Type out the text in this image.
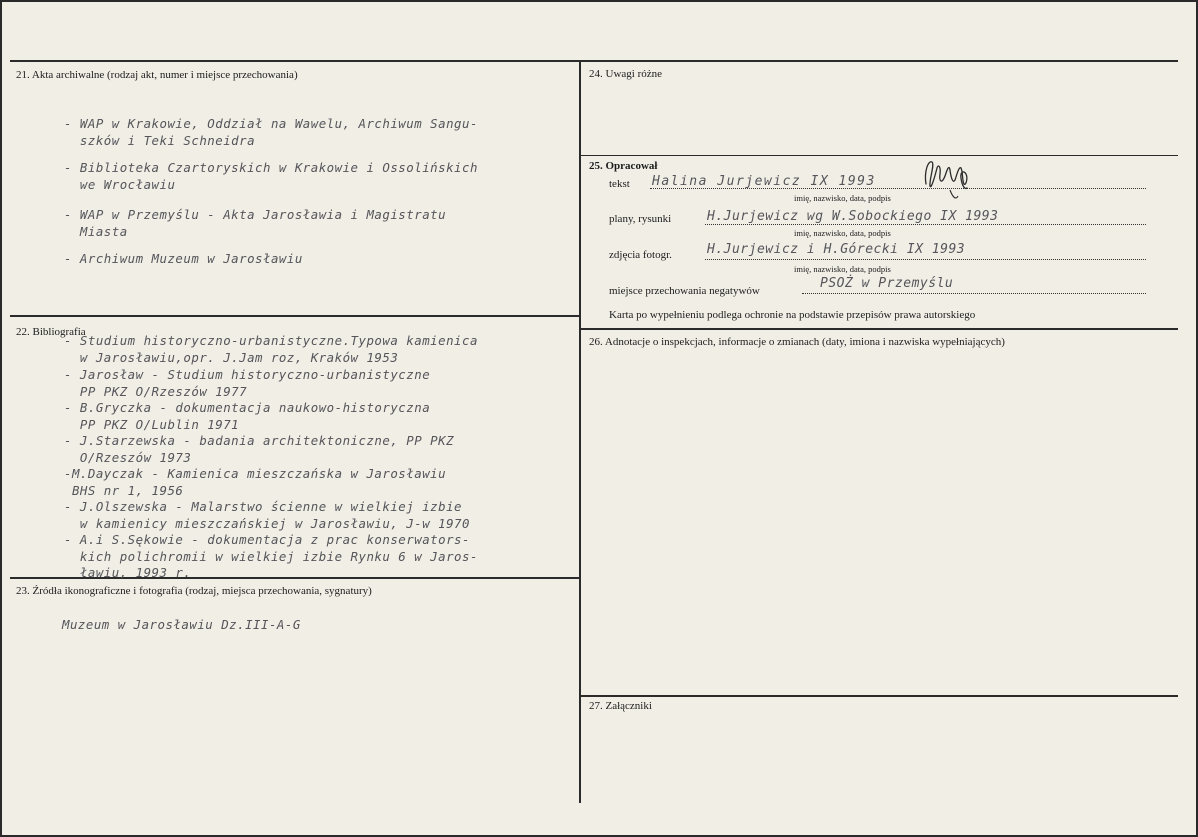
21. Akta archiwalne (rodzaj akt, numer i miejsce przechowania)
- WAP w Krakowie, Oddział na Wawelu, Archiwum Sangu-
szków i Teki Schneidra
- Biblioteka Czartoryskich w Krakowie i Ossolińskich
we Wrocławiu
- WAP w Przemyślu - Akta Jarosławia i Magistratu
Miasta
- Archiwum Muzeum w Jarosławiu
22. Bibliografia
- Studium historyczno-urbanistyczne.Typowa kamienica
w Jarosławiu,opr. J.Jam roz, Kraków 1953
- Jarosław - Studium historyczno-urbanistyczne
PP PKZ O/Rzeszów 1977
- B.Gryczka - dokumentacja naukowo-historyczna
PP PKZ O/Lublin 1971
- J.Starzewska - badania architektoniczne, PP PKZ
O/Rzeszów 1973
-M.Dayczak - Kamienica mieszczańska w Jarosławiu
BHS nr 1, 1956
- J.Olszewska - Malarstwo ścienne w wielkiej izbie
w kamienicy mieszczańskiej w Jarosławiu, J-w 1970
- A.i S.Sękowie - dokumentacja z prac konserwators-
kich polichromii w wielkiej izbie Rynku 6 w Jaros-
ławiu, 1993 r.
23. Źródła ikonograficzne i fotografia (rodzaj, miejsca przechowania, sygnatury)
Muzeum w Jarosławiu Dz.III-A-G
24. Uwagi różne
25. Opracował
tekst Halina Jurjewicz IX 1993
imię, nazwisko, data, podpis
plany, rysunki	H.Jurjewicz wg W.Sobockiego IX 1993
imię, nazwisko, data, podpis
zdjęcia fotogr.	H.Jurjewicz i H.Górecki IX 1993
imię, nazwisko, data, podpis
miejsce przechowania negatywów	PSOŻ w Przemyślu
Karta po wypełnieniu podlega ochronie na podstawie przepisów prawa autorskiego
26. Adnotacje o inspekcjach, informacje o zmianach (daty, imiona i nazwiska wypełniających)
27. Załączniki
